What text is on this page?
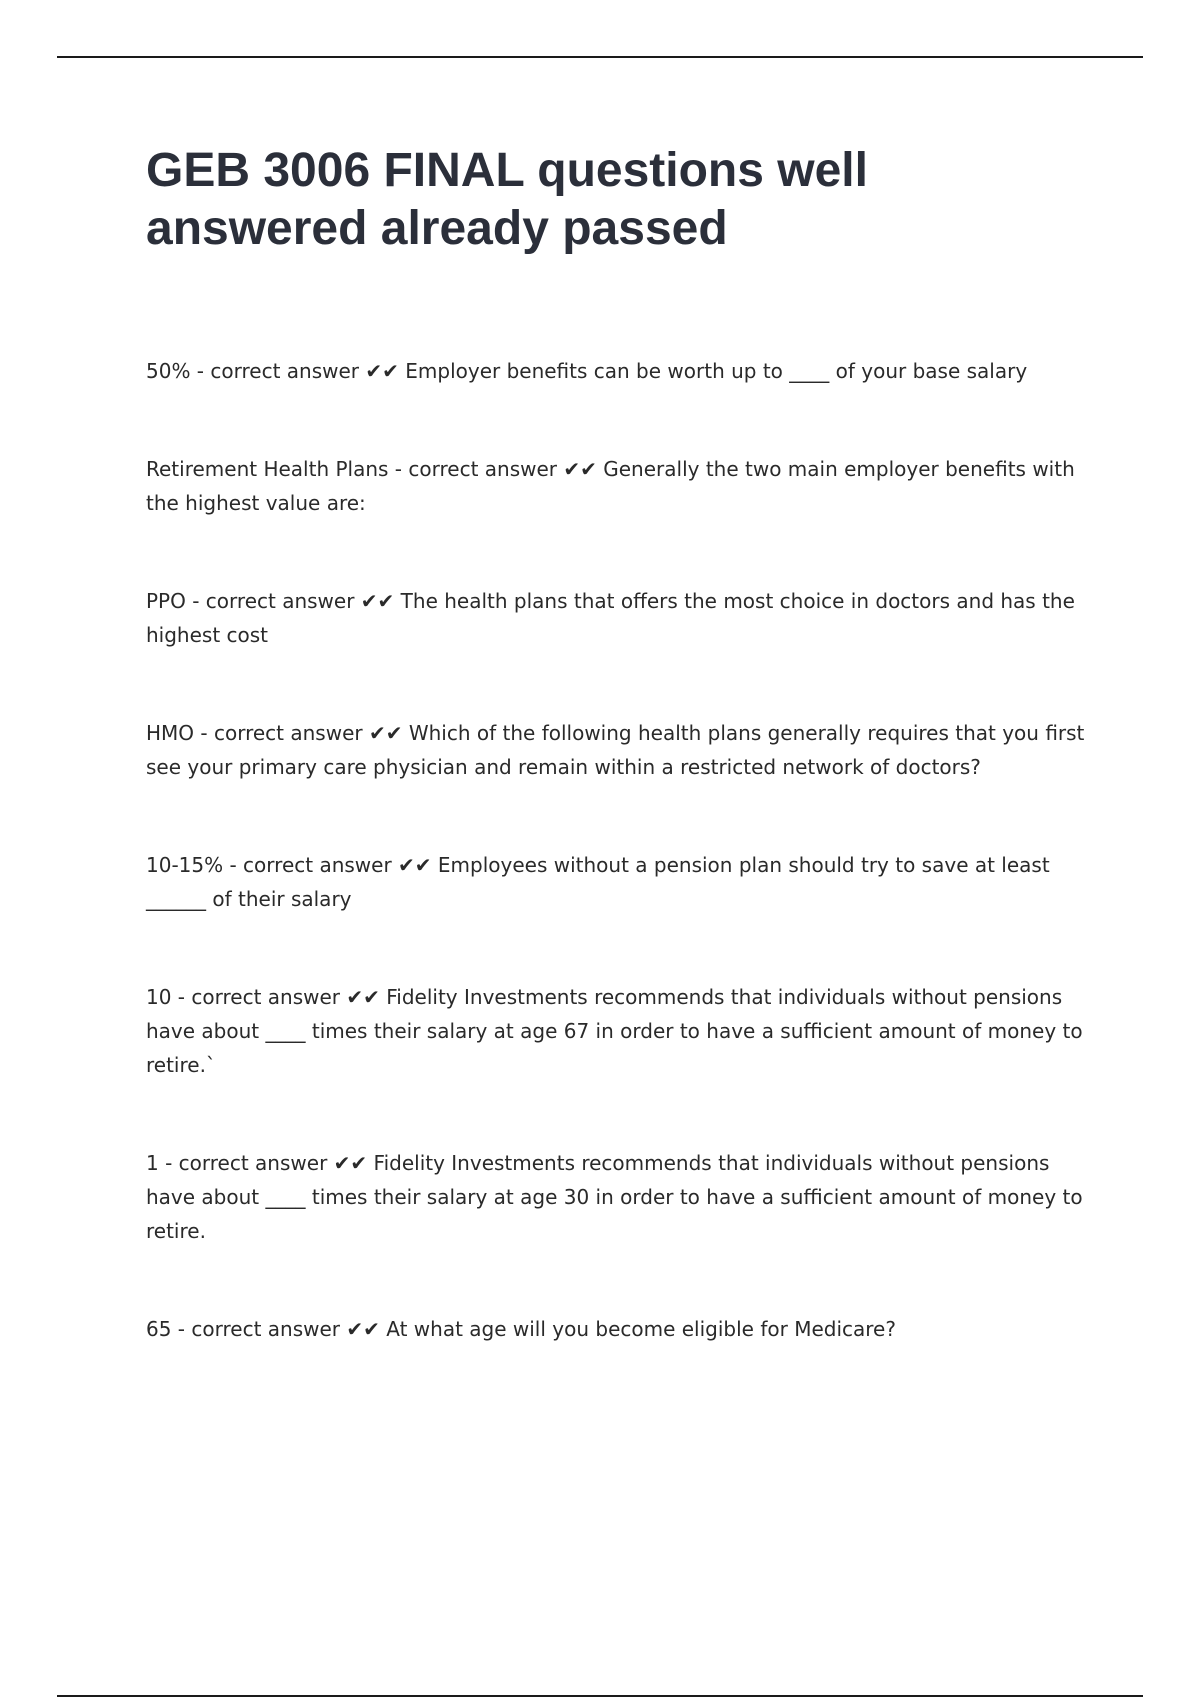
GEB 3006 FINAL questions well answered already passed
50% - correct answer ✔✔ Employer benefits can be worth up to ____ of your base salary
Retirement Health Plans - correct answer ✔✔ Generally the two main employer benefits with the highest value are:
PPO - correct answer ✔✔ The health plans that offers the most choice in doctors and has the highest cost
HMO - correct answer ✔✔ Which of the following health plans generally requires that you first see your primary care physician and remain within a restricted network of doctors?
10-15% - correct answer ✔✔ Employees without a pension plan should try to save at least ______ of their salary
10 - correct answer ✔✔ Fidelity Investments recommends that individuals without pensions have about ____ times their salary at age 67 in order to have a sufficient amount of money to retire.`
1 - correct answer ✔✔ Fidelity Investments recommends that individuals without pensions have about ____ times their salary at age 30 in order to have a sufficient amount of money to retire.
65 - correct answer ✔✔ At what age will you become eligible for Medicare?
